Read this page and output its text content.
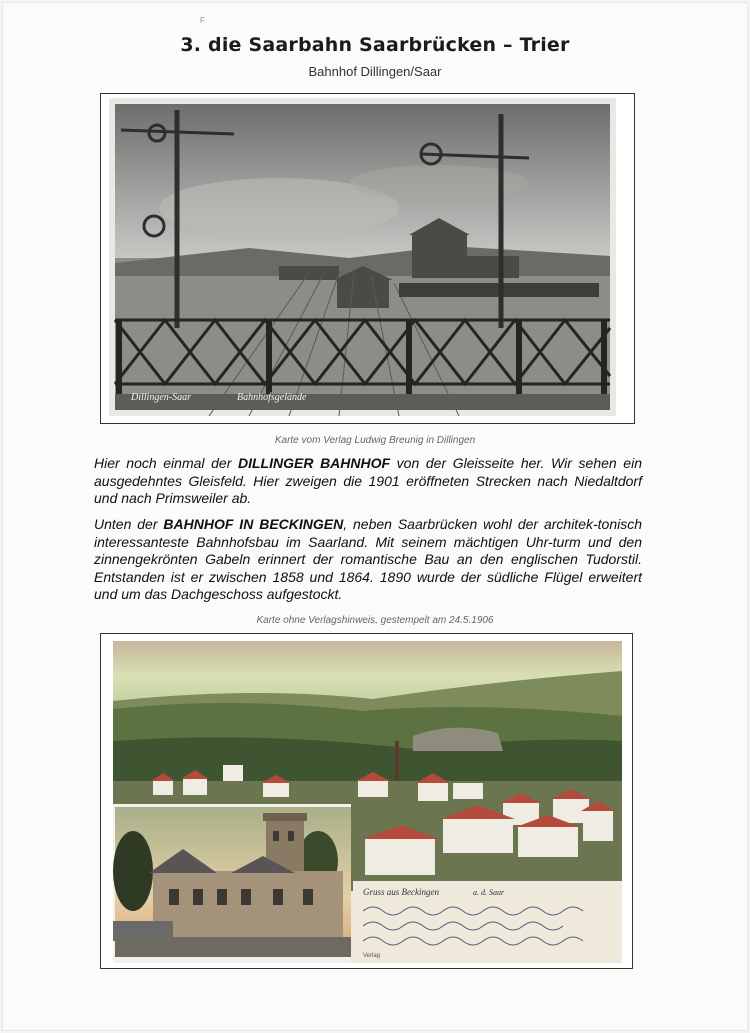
F
3. die Saarbahn Saarbrücken – Trier
Bahnhof Dillingen/Saar
Dillingen-Saar	Bahnhofsgelände
Karte vom Verlag Ludwig Breunig in Dillingen
Hier noch einmal der DILLINGER BAHNHOF von der Gleisseite her. Wir sehen ein ausgedehntes Gleisfeld. Hier zweigen die 1901 eröffneten Strecken nach Niedaltdorf und nach Primsweiler ab.
Unten der BAHNHOF IN BECKINGEN, neben Saarbrücken wohl der architek-tonisch interessanteste Bahnhofsbau im Saarland. Mit seinem mächtigen Uhr-turm und den zinnengekrönten Gabeln erinnert der romantische Bau an den englischen Tudorstil. Entstanden ist er zwischen 1858 und 1864. 1890 wurde der südliche Flügel erweitert und um das Dachgeschoss aufgestockt.
Karte ohne Verlagshinweis, gestempelt am 24.5.1906
Gruss aus Beckingen	a. d. Saar
Verlag
